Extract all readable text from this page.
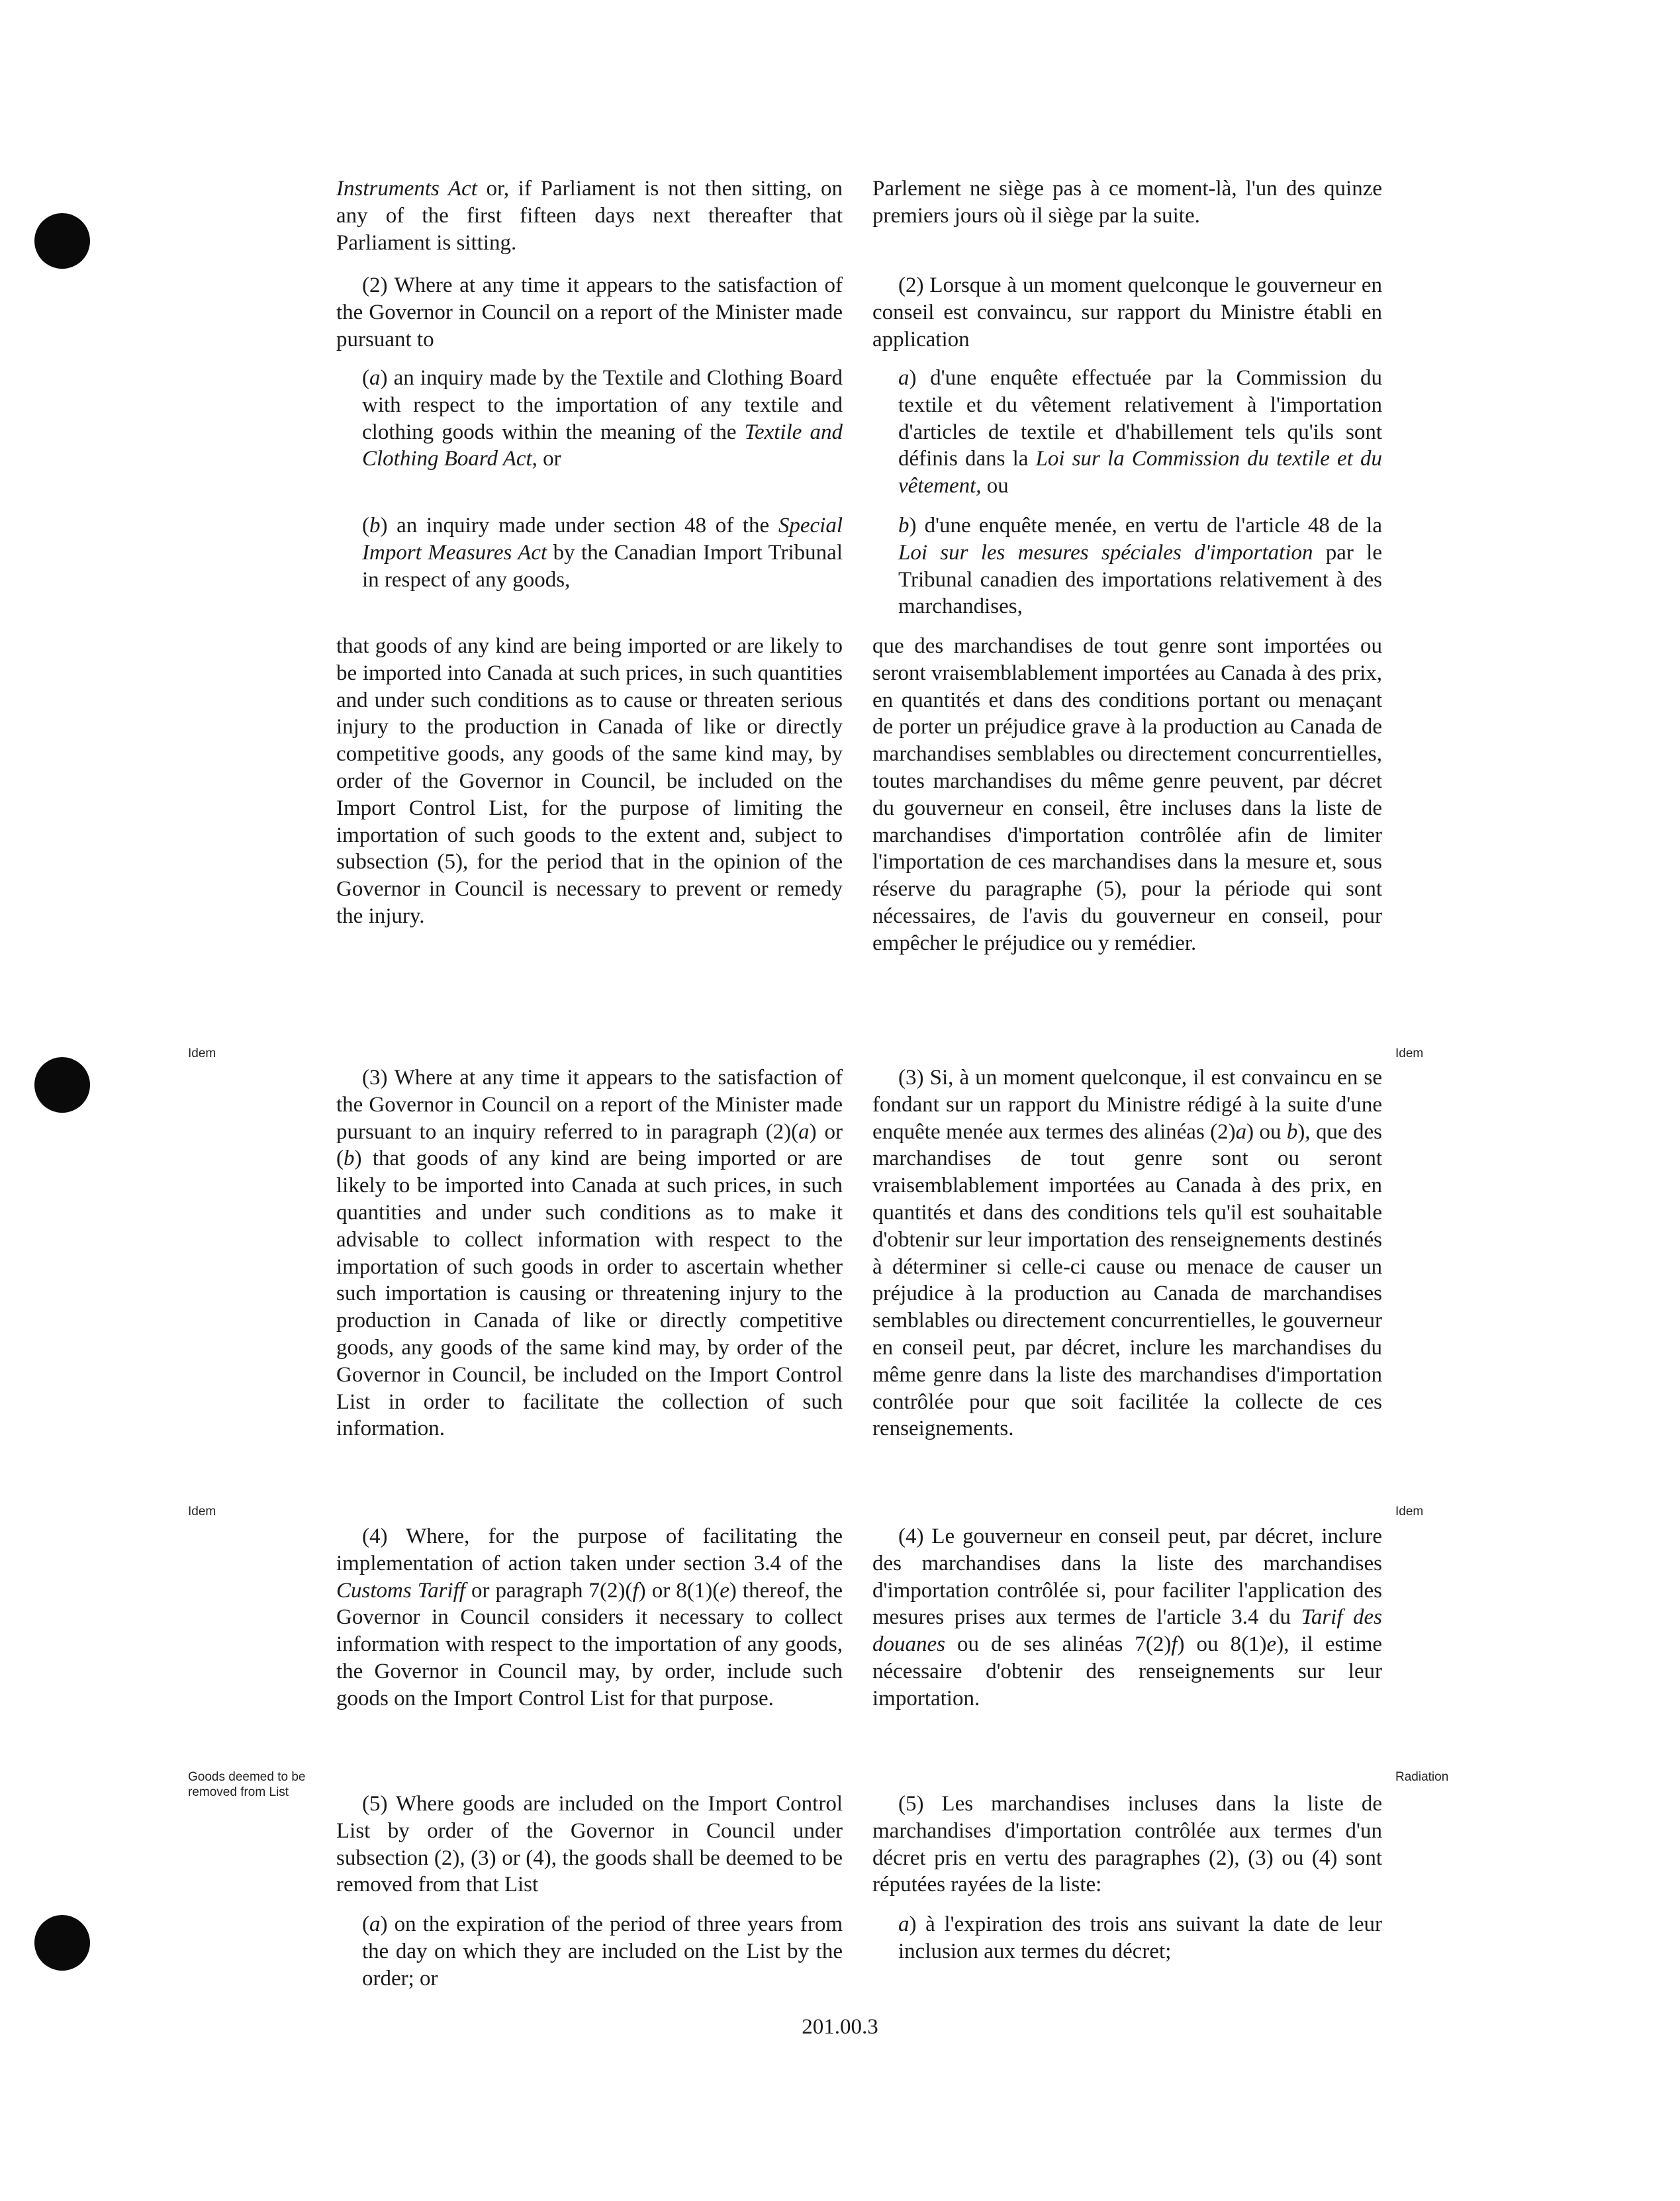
Instruments Act or, if Parliament is not then sitting, on any of the first fifteen days next thereafter that Parliament is sitting.

(2) Where at any time it appears to the satisfaction of the Governor in Council on a report of the Minister made pursuant to

(a) an inquiry made by the Textile and Clothing Board with respect to the importation of any textile and clothing goods within the meaning of the Textile and Clothing Board Act, or

(b) an inquiry made under section 48 of the Special Import Measures Act by the Canadian Import Tribunal in respect of any goods,

that goods of any kind are being imported or are likely to be imported into Canada at such prices, in such quantities and under such conditions as to cause or threaten serious injury to the production in Canada of like or directly competitive goods, any goods of the same kind may, by order of the Governor in Council, be included on the Import Control List, for the purpose of limiting the importation of such goods to the extent and, subject to subsection (5), for the period that in the opinion of the Governor in Council is necessary to prevent or remedy the injury.

(3) Where at any time it appears to the satisfaction of the Governor in Council on a report of the Minister made pursuant to an inquiry referred to in paragraph (2)(a) or (b) that goods of any kind are being imported or are likely to be imported into Canada at such prices, in such quantities and under such conditions as to make it advisable to collect information with respect to the importation of such goods in order to ascertain whether such importation is causing or threatening injury to the production in Canada of like or directly competitive goods, any goods of the same kind may, by order of the Governor in Council, be included on the Import Control List in order to facilitate the collection of such information.

(4) Where, for the purpose of facilitating the implementation of action taken under section 3.4 of the Customs Tariff or paragraph 7(2)(f) or 8(1)(e) thereof, the Governor in Council considers it necessary to collect information with respect to the importation of any goods, the Governor in Council may, by order, include such goods on the Import Control List for that purpose.

(5) Where goods are included on the Import Control List by order of the Governor in Council under subsection (2), (3) or (4), the goods shall be deemed to be removed from that List

(a) on the expiration of the period of three years from the day on which they are included on the List by the order; or

Parlement ne siège pas à ce moment-là, l'un des quinze premiers jours où il siège par la suite.

(2) Lorsque à un moment quelconque le gouverneur en conseil est convaincu, sur rapport du Ministre établi en application

a) d'une enquête effectuée par la Commission du textile et du vêtement relativement à l'importation d'articles de textile et d'habillement tels qu'ils sont définis dans la Loi sur la Commission du textile et du vêtement, ou

b) d'une enquête menée, en vertu de l'article 48 de la Loi sur les mesures spéciales d'importation par le Tribunal canadien des importations relativement à des marchandises,

que des marchandises de tout genre sont importées ou seront vraisemblablement importées au Canada à des prix, en quantités et dans des conditions portant ou menaçant de porter un préjudice grave à la production au Canada de marchandises semblables ou directement concurrentielles, toutes marchandises du même genre peuvent, par décret du gouverneur en conseil, être incluses dans la liste de marchandises d'importation contrôlée afin de limiter l'importation de ces marchandises dans la mesure et, sous réserve du paragraphe (5), pour la période qui sont nécessaires, de l'avis du gouverneur en conseil, pour empêcher le préjudice ou y remédier.

(3) Si, à un moment quelconque, il est convaincu en se fondant sur un rapport du Ministre rédigé à la suite d'une enquête menée aux termes des alinéas (2)a) ou b), que des marchandises de tout genre sont ou seront vraisemblablement importées au Canada à des prix, en quantités et dans des conditions tels qu'il est souhaitable d'obtenir sur leur importation des renseignements destinés à déterminer si celle-ci cause ou menace de causer un préjudice à la production au Canada de marchandises semblables ou directement concurrentielles, le gouverneur en conseil peut, par décret, inclure les marchandises du même genre dans la liste des marchandises d'importation contrôlée pour que soit facilitée la collecte de ces renseignements.

(4) Le gouverneur en conseil peut, par décret, inclure des marchandises dans la liste des marchandises d'importation contrôlée si, pour faciliter l'application des mesures prises aux termes de l'article 3.4 du Tarif des douanes ou de ses alinéas 7(2)f) ou 8(1)e), il estime nécessaire d'obtenir des renseignements sur leur importation.

(5) Les marchandises incluses dans la liste de marchandises d'importation contrôlée aux termes d'un décret pris en vertu des paragraphes (2), (3) ou (4) sont réputées rayées de la liste:

a) à l'expiration des trois ans suivant la date de leur inclusion aux termes du décret;

Idem
Idem
Goods deemed to be removed from List
Idem
Idem
Radiation
201.00.3
